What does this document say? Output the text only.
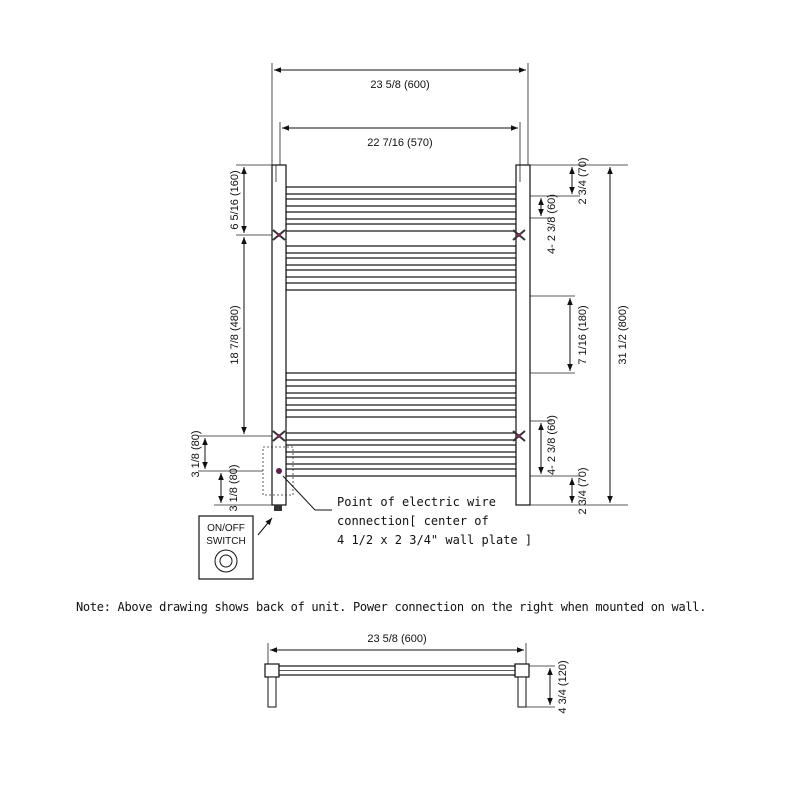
23 5/8 (600)
22 7/16 (570)
6 5/16 (160)
18 7/8 (480)
3 1/8 (80)
3 1/8 (80)
2 3/4 (70)
4- 2 3/8 (60)
7 1/16 (180)
4- 2 3/8 (60)
2 3/4 (70)
31 1/2 (800)
Point of electric wire
connection[ center of
4 1/2 x 2 3/4" wall plate ]
ON/OFF
SWITCH
23 5/8 (600)
4 3/4 (120)
Note: Above drawing shows back of unit. Power connection on the right when mounted on wall.
